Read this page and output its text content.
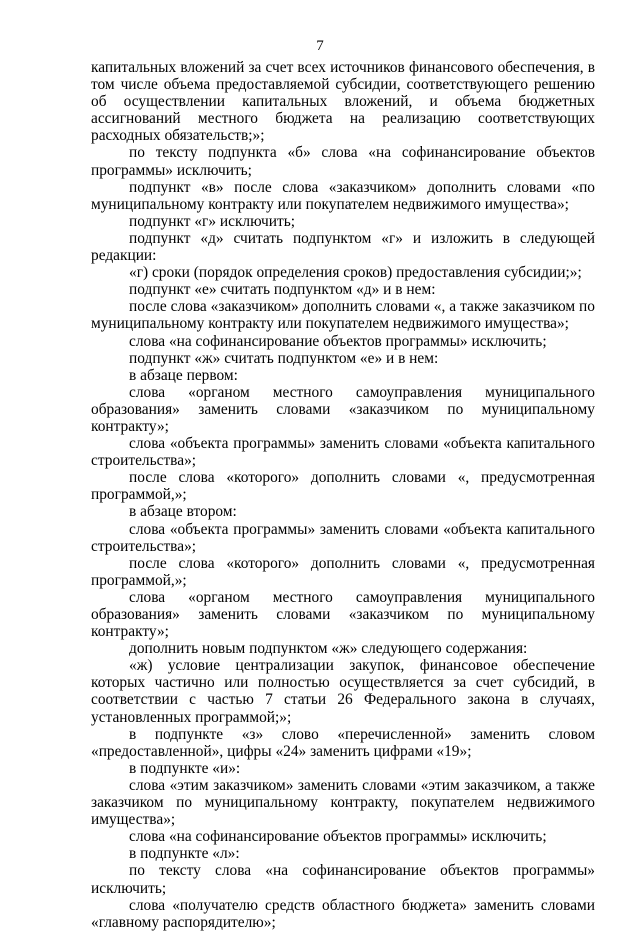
7

капитальных вложений за счет всех источников финансового обеспечения, в том числе объема предоставляемой субсидии, соответствующего решению об осуществлении капитальных вложений, и объема бюджетных ассигнований местного бюджета на реализацию соответствующих расходных обязательств;»;

по тексту подпункта «б» слова «на софинансирование объектов программы» исключить;

подпункт «в» после слова «заказчиком» дополнить словами «по муниципальному контракту или покупателем недвижимого имущества»;

подпункт «г» исключить;

подпункт «д» считать подпунктом «г» и изложить в следующей редакции:

«г) сроки (порядок определения сроков) предоставления субсидии;»;

подпункт «е» считать подпунктом «д» и в нем:

после слова «заказчиком» дополнить словами «, а также заказчиком по муниципальному контракту или покупателем недвижимого имущества»;

слова «на софинансирование объектов программы» исключить;

подпункт «ж» считать подпунктом «е» и в нем:

в абзаце первом:

слова «органом местного самоуправления муниципального образования» заменить словами «заказчиком по муниципальному контракту»;

слова «объекта программы» заменить словами «объекта капитального строительства»;

после слова «которого» дополнить словами «, предусмотренная программой,»;

в абзаце втором:

слова «объекта программы» заменить словами «объекта капитального строительства»;

после слова «которого» дополнить словами «, предусмотренная программой,»;

слова «органом местного самоуправления муниципального образования» заменить словами «заказчиком по муниципальному контракту»;

дополнить новым подпунктом «ж» следующего содержания:

«ж) условие централизации закупок, финансовое обеспечение которых частично или полностью осуществляется за счет субсидий, в соответствии с частью 7 статьи 26 Федерального закона в случаях, установленных программой;»;

в подпункте «з» слово «перечисленной» заменить словом «предоставленной», цифры «24» заменить цифрами «19»;

в подпункте «и»:

слова «этим заказчиком» заменить словами «этим заказчиком, а также заказчиком по муниципальному контракту, покупателем недвижимого имущества»;

слова «на софинансирование объектов программы» исключить;

в подпункте «л»:

по тексту слова «на софинансирование объектов программы» исключить;

слова «получателю средств областного бюджета» заменить словами «главному распорядителю»;
